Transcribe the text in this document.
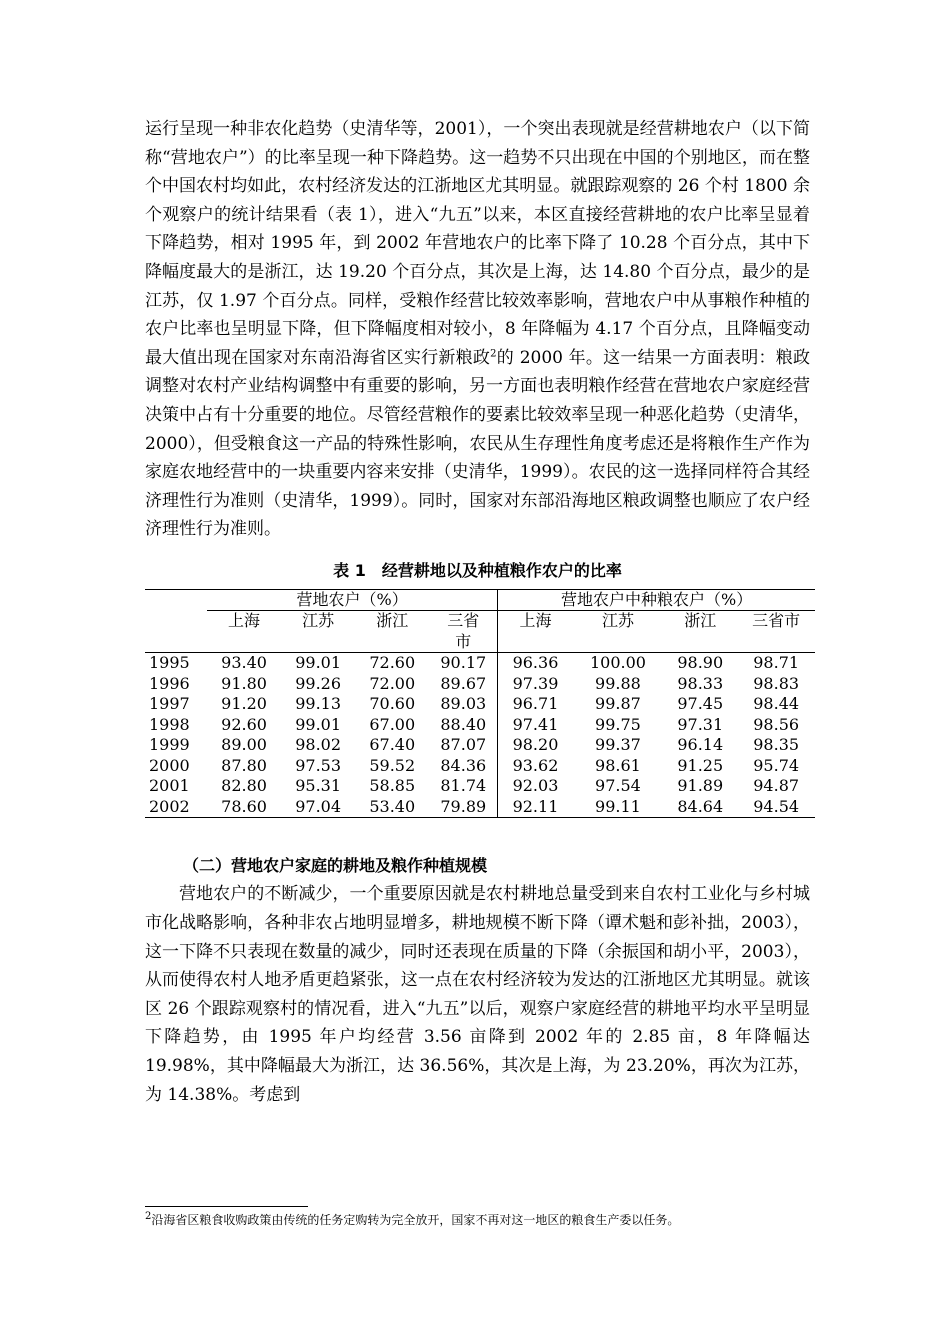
运行呈现一种非农化趋势（史清华等，2001），一个突出表现就是经营耕地农户（以下简称“营地农户”）的比率呈现一种下降趋势。这一趋势不只出现在中国的个别地区，而在整个中国农村均如此，农村经济发达的江浙地区尤其明显。就跟踪观察的 26 个村 1800 余个观察户的统计结果看（表 1），进入“九五”以来，本区直接经营耕地的农户比率呈显着下降趋势，相对 1995 年，到 2002 年营地农户的比率下降了 10.28 个百分点，其中下降幅度最大的是浙江，达 19.20 个百分点，其次是上海，达 14.80 个百分点，最少的是江苏，仅 1.97 个百分点。同样，受粮作经营比较效率影响，营地农户中从事粮作种植的农户比率也呈明显下降，但下降幅度相对较小，8 年降幅为 4.17 个百分点，且降幅变动最大值出现在国家对东南沿海省区实行新粮政$^2$的 2000 年。这一结果一方面表明：粮政调整对农村产业结构调整中有重要的影响，另一方面也表明粮作经营在营地农户家庭经营决策中占有十分重要的地位。尽管经营粮作的要素比较效率呈现一种恶化趋势（史清华，2000），但受粮食这一产品的特殊性影响，农民从生存理性角度考虑还是将粮作生产作为家庭农地经营中的一块重要内容来安排（史清华，1999）。农民的这一选择同样符合其经济理性行为准则（史清华，1999）。同时，国家对东部沿海地区粮政调整也顺应了农户经济理性行为准则。

表 1　经营耕地以及种植粮作农户的比率
	营地农户（%）				营地农户中种粮农户（%）			
	上海	江苏	浙江	三省市	上海	江苏	浙江	三省市
1995	93.40	99.01	72.60	90.17	96.36	100.00	98.90	98.71
1996	91.80	99.26	72.00	89.67	97.39	99.88	98.33	98.83
1997	91.20	99.13	70.60	89.03	96.71	99.87	97.45	98.44
1998	92.60	99.01	67.00	88.40	97.41	99.75	97.31	98.56
1999	89.00	98.02	67.40	87.07	98.20	99.37	96.14	98.35
2000	87.80	97.53	59.52	84.36	93.62	98.61	91.25	95.74
2001	82.80	95.31	58.85	81.74	92.03	97.54	91.89	94.87
2002	78.60	97.04	53.40	79.89	92.11	99.11	84.64	94.54
（二）营地农户家庭的耕地及粮作种植规模

营地农户的不断减少，一个重要原因就是农村耕地总量受到来自农村工业化与乡村城市化战略影响，各种非农占地明显增多，耕地规模不断下降（谭术魁和彭补拙，2003），这一下降不只表现在数量的减少，同时还表现在质量的下降（余振国和胡小平，2003），从而使得农村人地矛盾更趋紧张，这一点在农村经济较为发达的江浙地区尤其明显。就该区 26 个跟踪观察村的情况看，进入“九五”以后，观察户家庭经营的耕地平均水平呈明显下降趋势，由 1995 年户均经营 3.56 亩降到 2002 年的 2.85 亩，8 年降幅达 19.98%，其中降幅最大为浙江，达 36.56%，其次是上海，为 23.20%，再次为江苏，为 14.38%。考虑到

$^2$沿海省区粮食收购政策由传统的任务定购转为完全放开，国家不再对这一地区的粮食生产委以任务。
